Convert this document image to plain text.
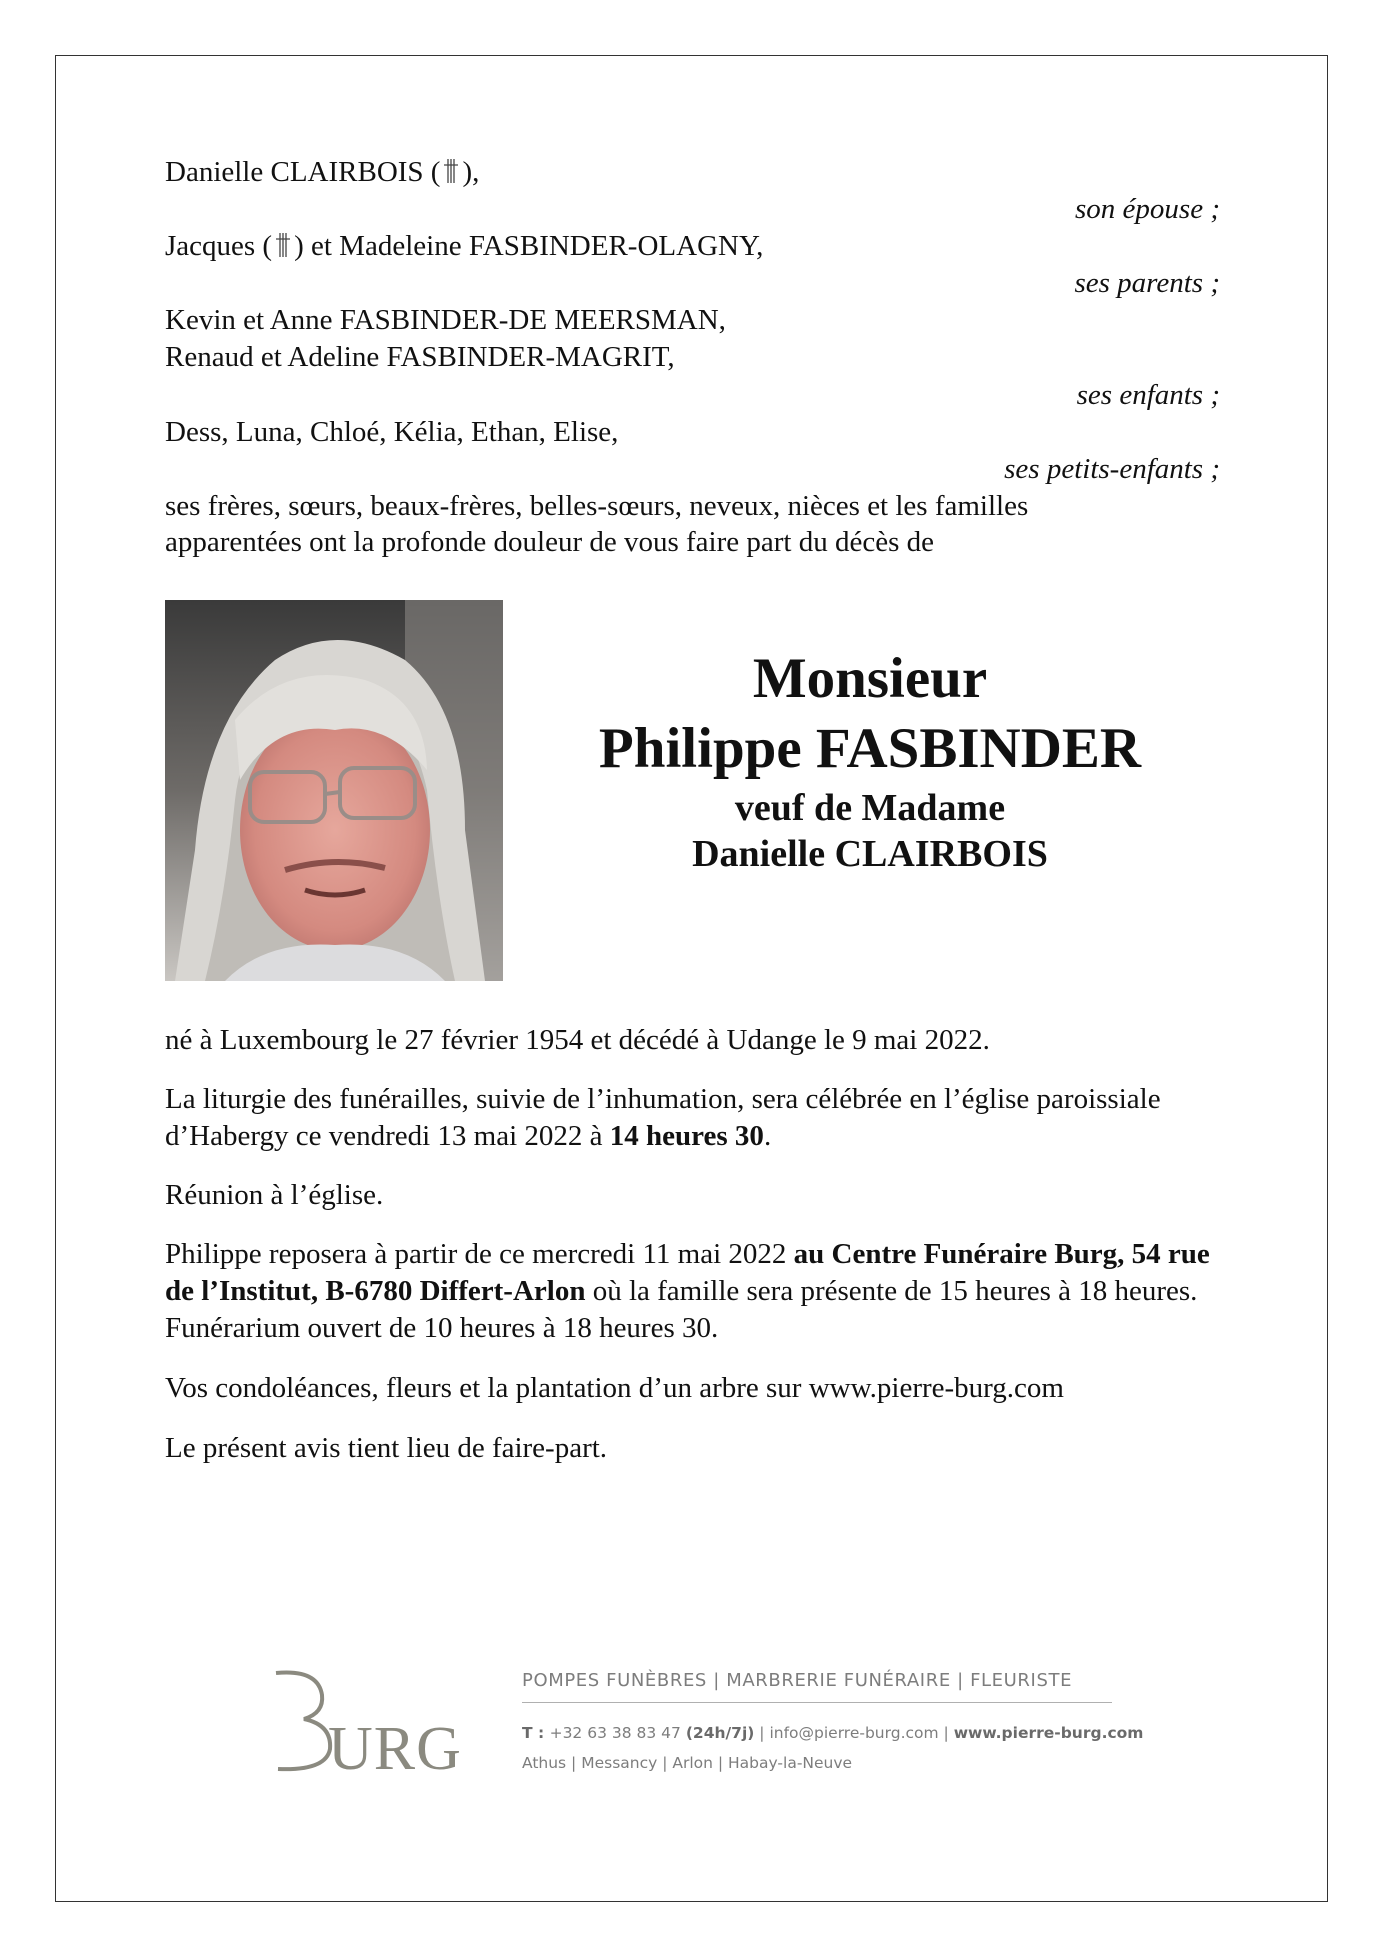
Danielle CLAIRBOIS ( ),
son épouse ;
Jacques ( ) et Madeleine FASBINDER-OLAGNY,
ses parents ;
Kevin et Anne FASBINDER-DE MEERSMAN,
Renaud et Adeline FASBINDER-MAGRIT,
ses enfants ;
Dess, Luna, Chloé, Kélia, Ethan, Elise,
ses petits-enfants ;
ses frères, sœurs, beaux-frères, belles-sœurs, neveux, nièces et les familles
apparentées ont la profonde douleur de vous faire part du décès de
Monsieur
Philippe FASBINDER
veuf de Madame
Danielle CLAIRBOIS
né à Luxembourg le 27 février 1954 et décédé à Udange le 9 mai 2022.
La liturgie des funérailles, suivie de l’inhumation, sera célébrée en l’église paroissiale d’Habergy ce vendredi 13 mai 2022 à 14 heures 30.
Réunion à l’église.
Philippe reposera à partir de ce mercredi 11 mai 2022 au Centre Funéraire Burg, 54 rue de l’Institut, B-6780 Differt-Arlon où la famille sera présente de 15 heures à 18 heures. Funérarium ouvert de 10 heures à 18 heures 30.
Vos condoléances, fleurs et la plantation d’un arbre sur www.pierre-burg.com
Le présent avis tient lieu de faire-part.
URG
POMPES FUNÈBRES | MARBRERIE FUNÉRAIRE | FLEURISTE
T : +32 63 38 83 47 (24h/7j) | info@pierre-burg.com | www.pierre-burg.com
Athus | Messancy | Arlon | Habay-la-Neuve
